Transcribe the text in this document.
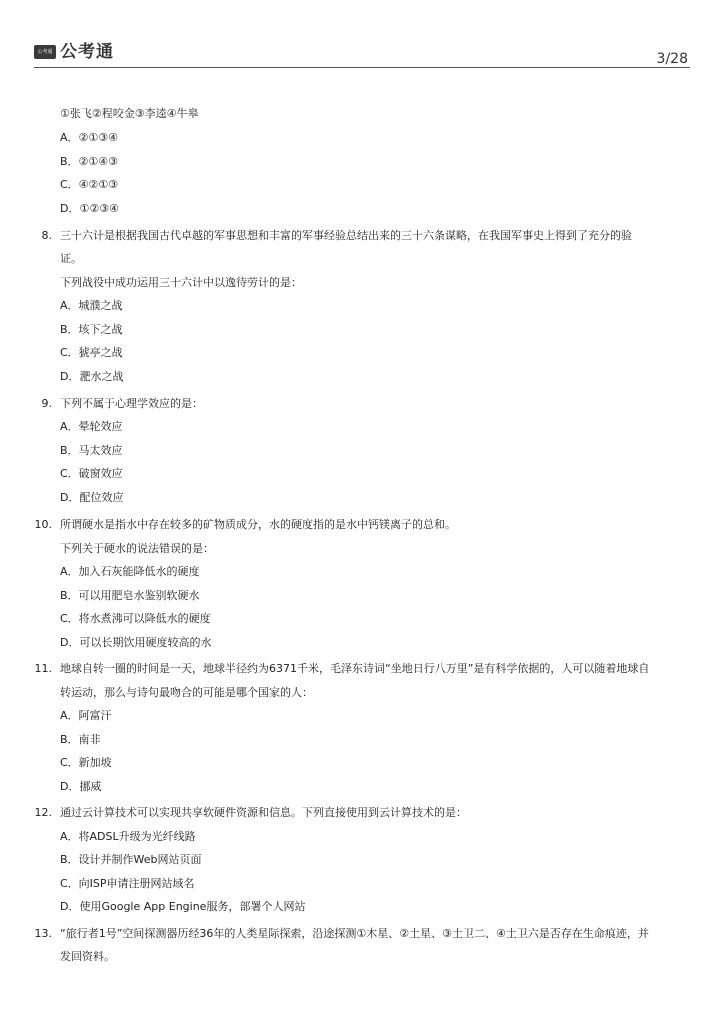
公考通 公考通	3/28
①张飞②程咬金③李逵④牛皋
A．②①③④
B．②①④③
C．④②①③
D．①②③④
8. 三十六计是根据我国古代卓越的军事思想和丰富的军事经验总结出来的三十六条谋略，在我国军事史上得到了充分的验
证。
下列战役中成功运用三十六计中以逸待劳计的是：
A．城濮之战
B．垓下之战
C．猇亭之战
D．淝水之战
9. 下列不属于心理学效应的是：
A．晕轮效应
B．马太效应
C．破窗效应
D．配位效应
10. 所谓硬水是指水中存在较多的矿物质成分，水的硬度指的是水中钙镁离子的总和。
下列关于硬水的说法错误的是：
A．加入石灰能降低水的硬度
B．可以用肥皂水鉴别软硬水
C．将水煮沸可以降低水的硬度
D．可以长期饮用硬度较高的水
11. 地球自转一圈的时间是一天，地球半径约为6371千米，毛泽东诗词“坐地日行八万里”是有科学依据的，人可以随着地球自
转运动，那么与诗句最吻合的可能是哪个国家的人：
A．阿富汗
B．南非
C．新加坡
D．挪威
12. 通过云计算技术可以实现共享软硬件资源和信息。下列直接使用到云计算技术的是：
A．将ADSL升级为光纤线路
B．设计并制作Web网站页面
C．向ISP申请注册网站域名
D．使用Google App Engine服务，部署个人网站
13. “旅行者1号”空间探测器历经36年的人类星际探索，沿途探测①木星、②土星、③土卫二、④土卫六是否存在生命痕迹，并
发回资料。
